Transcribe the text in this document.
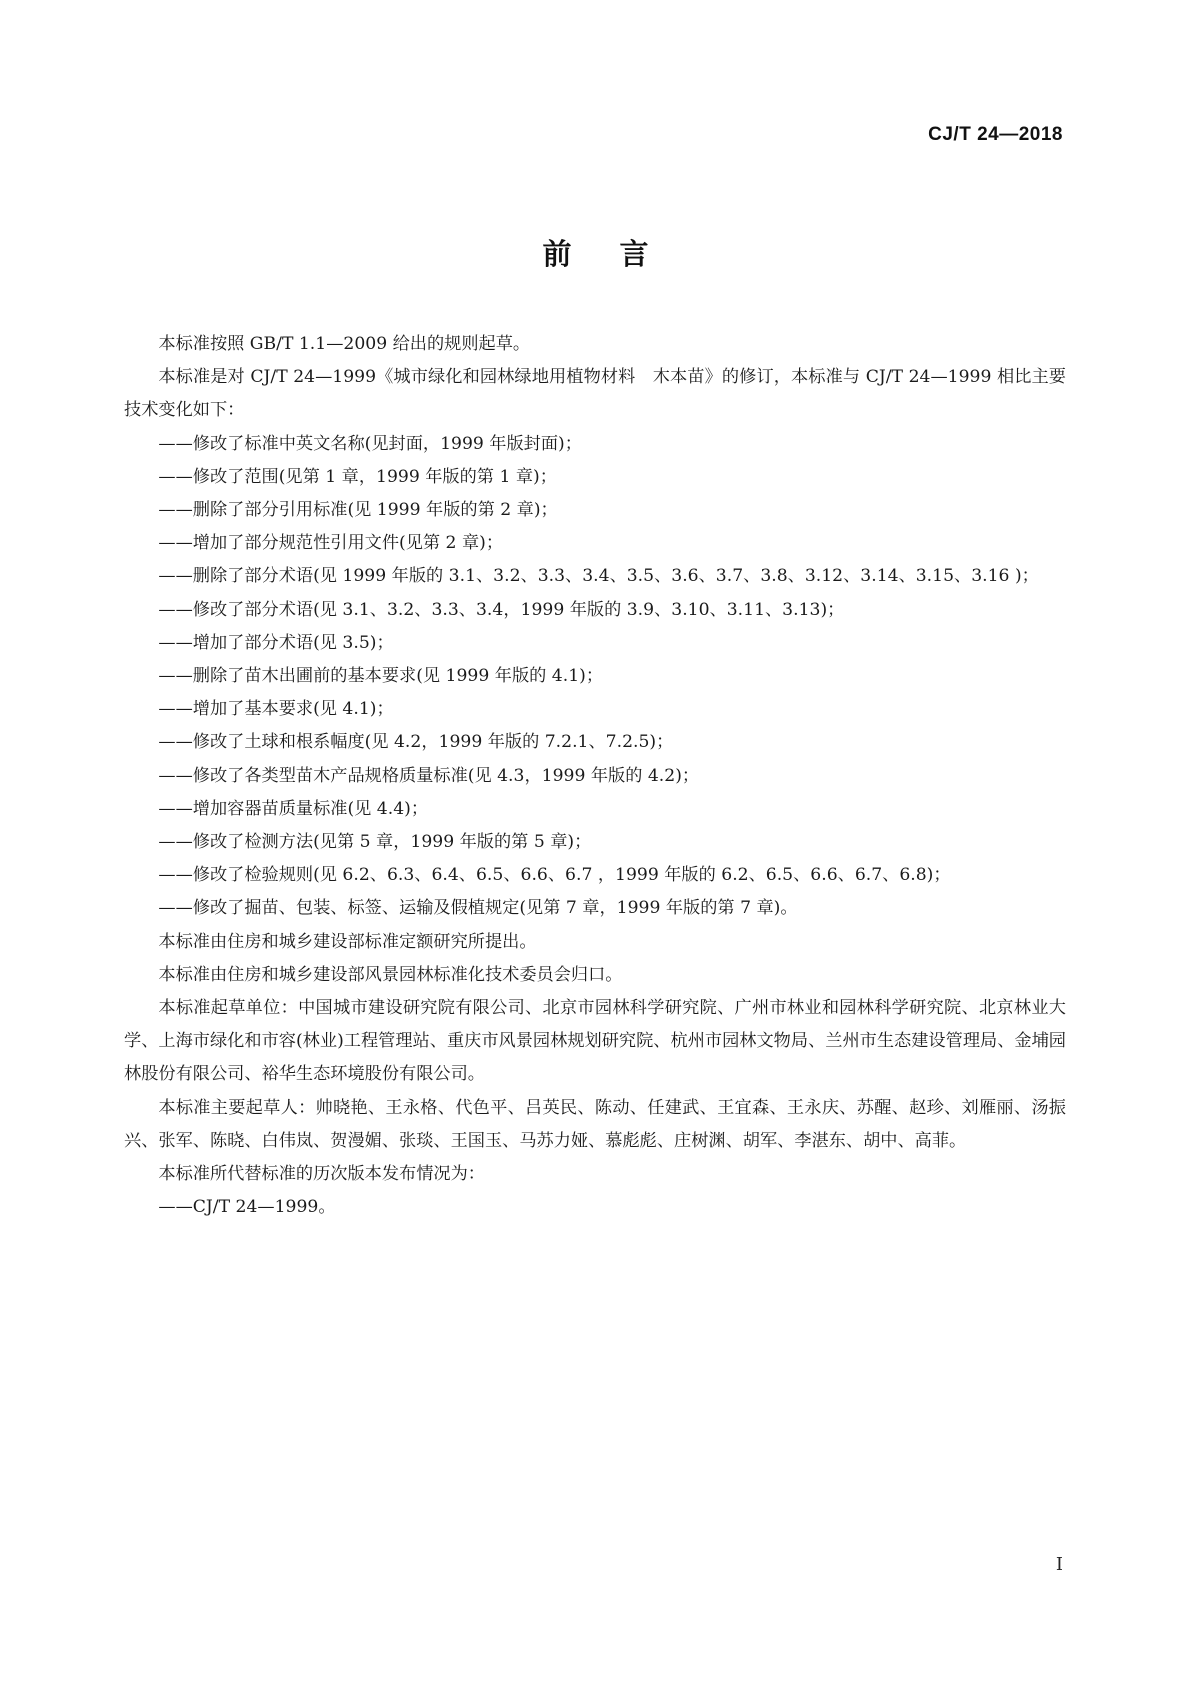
CJ/T 24—2018
前言

本标准按照 GB/T 1.1—2009 给出的规则起草。

本标准是对 CJ/T 24—1999《城市绿化和园林绿地用植物材料　木本苗》的修订，本标准与 CJ/T 24—1999 相比主要技术变化如下：

——修改了标准中英文名称(见封面，1999 年版封面)；

——修改了范围(见第 1 章，1999 年版的第 1 章)；

——删除了部分引用标准(见 1999 年版的第 2 章)；

——增加了部分规范性引用文件(见第 2 章)；

——删除了部分术语(见 1999 年版的 3.1、3.2、3.3、3.4、3.5、3.6、3.7、3.8、3.12、3.14、3.15、3.16 )；

——修改了部分术语(见 3.1、3.2、3.3、3.4，1999 年版的 3.9、3.10、3.11、3.13)；

——增加了部分术语(见 3.5)；

——删除了苗木出圃前的基本要求(见 1999 年版的 4.1)；

——增加了基本要求(见 4.1)；

——修改了土球和根系幅度(见 4.2，1999 年版的 7.2.1、7.2.5)；

——修改了各类型苗木产品规格质量标准(见 4.3，1999 年版的 4.2)；

——增加容器苗质量标准(见 4.4)；

——修改了检测方法(见第 5 章，1999 年版的第 5 章)；

——修改了检验规则(见 6.2、6.3、6.4、6.5、6.6、6.7 ，1999 年版的 6.2、6.5、6.6、6.7、6.8)；

——修改了掘苗、包装、标签、运输及假植规定(见第 7 章，1999 年版的第 7 章)。

本标准由住房和城乡建设部标准定额研究所提出。

本标准由住房和城乡建设部风景园林标准化技术委员会归口。

本标准起草单位：中国城市建设研究院有限公司、北京市园林科学研究院、广州市林业和园林科学研究院、北京林业大学、上海市绿化和市容(林业)工程管理站、重庆市风景园林规划研究院、杭州市园林文物局、兰州市生态建设管理局、金埔园林股份有限公司、裕华生态环境股份有限公司。

本标准主要起草人：帅晓艳、王永格、代色平、吕英民、陈动、任建武、王宜森、王永庆、苏醒、赵珍、刘雁丽、汤振兴、张军、陈晓、白伟岚、贺漫媚、张琰、王国玉、马苏力娅、慕彪彪、庄树渊、胡军、李湛东、胡中、高菲。

本标准所代替标准的历次版本发布情况为：

——CJ/T 24—1999。

I
